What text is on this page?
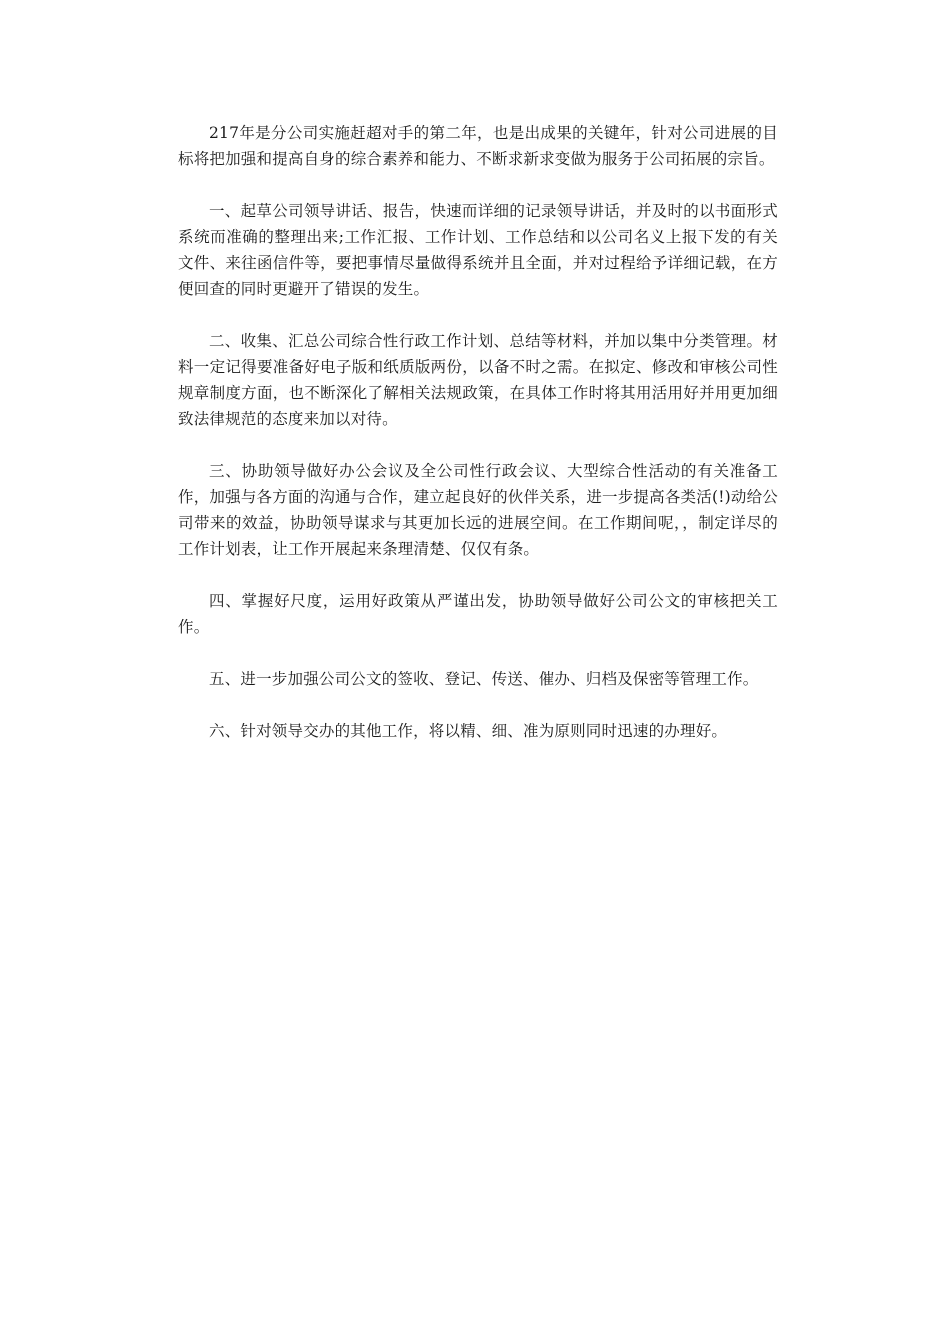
217年是分公司实施赶超对手的第二年，也是出成果的关键年，针对公司进展的目标将把加强和提高自身的综合素养和能力、不断求新求变做为服务于公司拓展的宗旨。

一、起草公司领导讲话、报告，快速而详细的记录领导讲话，并及时的以书面形式系统而准确的整理出来;工作汇报、工作计划、工作总结和以公司名义上报下发的有关文件、来往函信件等，要把事情尽量做得系统并且全面，并对过程给予详细记载，在方便回查的同时更避开了错误的发生。

二、收集、汇总公司综合性行政工作计划、总结等材料，并加以集中分类管理。材料一定记得要准备好电子版和纸质版两份，以备不时之需。在拟定、修改和审核公司性规章制度方面，也不断深化了解相关法规政策，在具体工作时将其用活用好并用更加细致法律规范的态度来加以对待。

三、协助领导做好办公会议及全公司性行政会议、大型综合性活动的有关准备工作，加强与各方面的沟通与合作，建立起良好的伙伴关系，进一步提高各类活(!)动给公司带来的效益，协助领导谋求与其更加长远的进展空间。在工作期间呢，，制定详尽的工作计划表，让工作开展起来条理清楚、仅仅有条。

四、掌握好尺度，运用好政策从严谨出发，协助领导做好公司公文的审核把关工作。

五、进一步加强公司公文的签收、登记、传送、催办、归档及保密等管理工作。

六、针对领导交办的其他工作，将以精、细、准为原则同时迅速的办理好。
